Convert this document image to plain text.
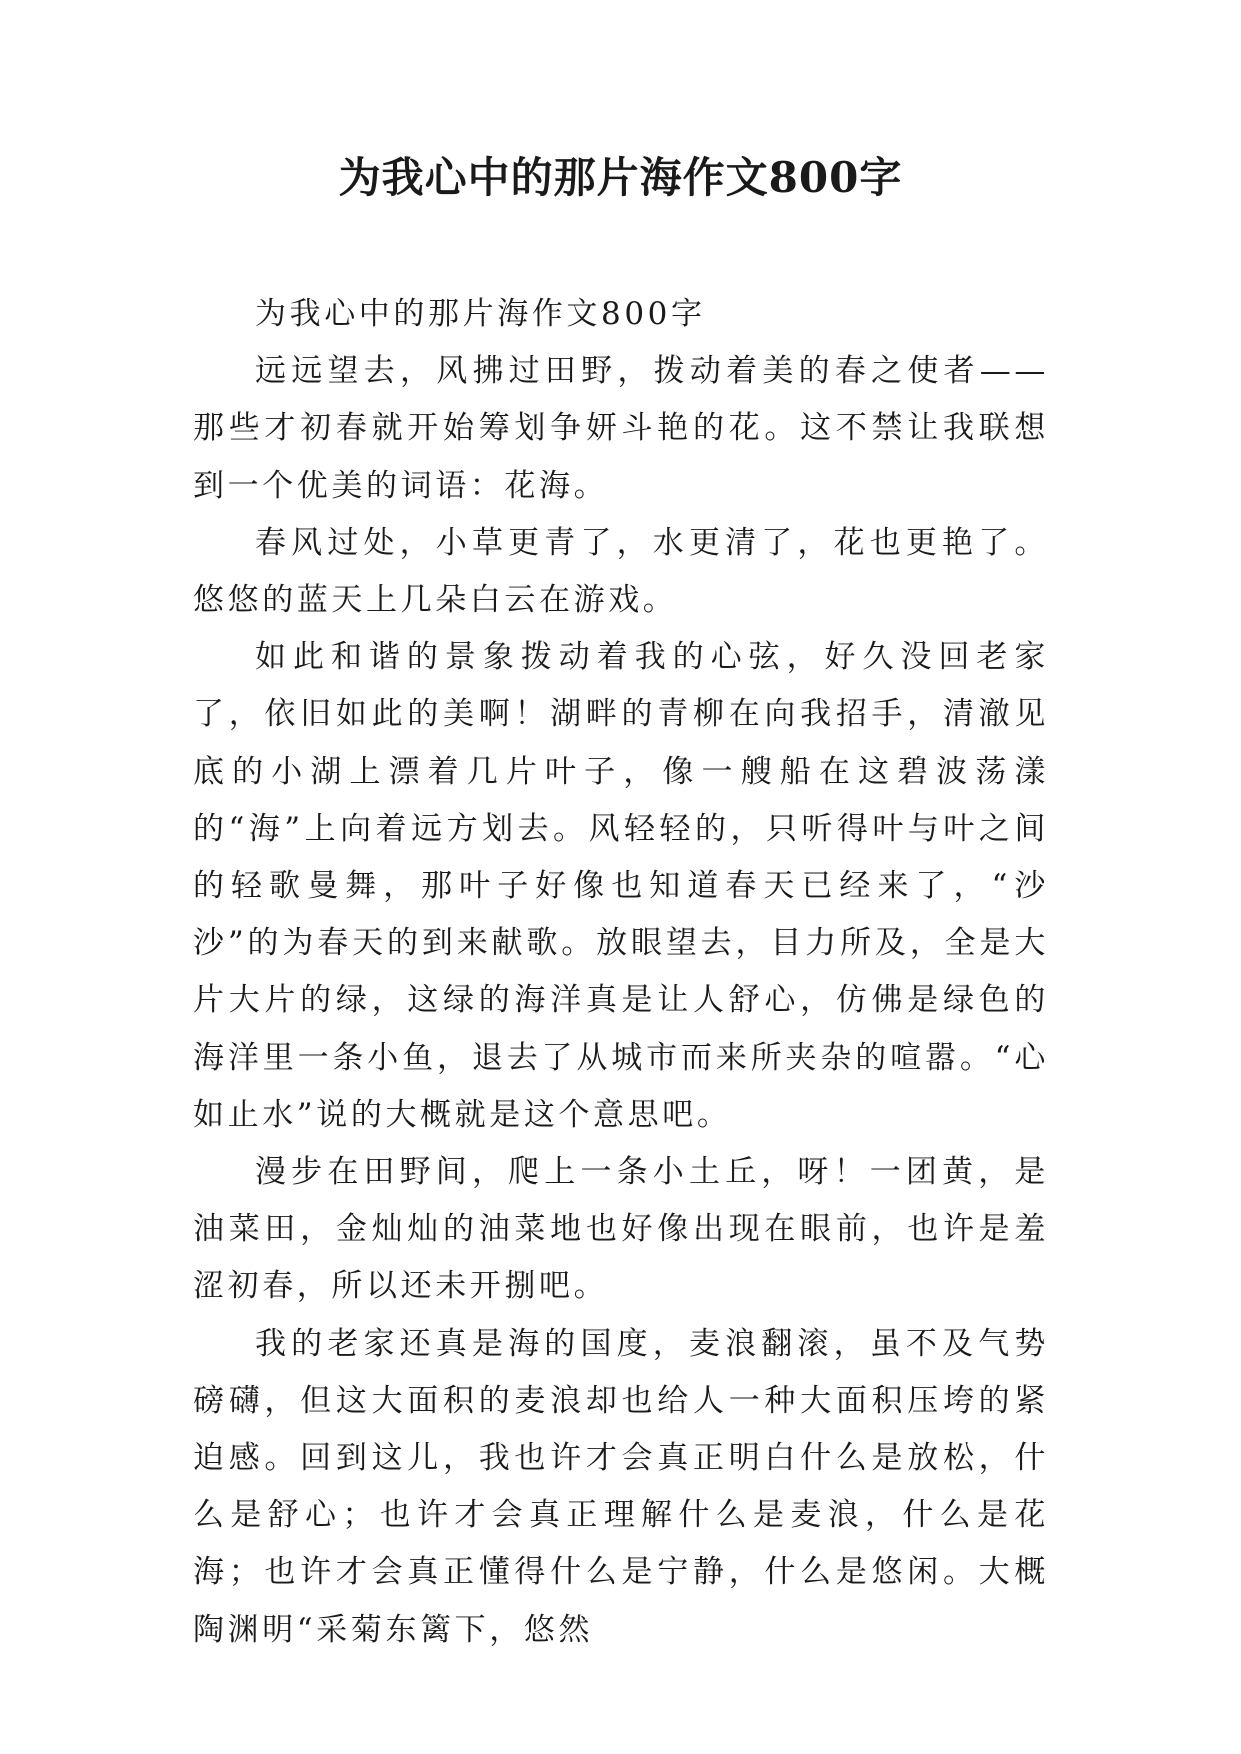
为我心中的那片海作文800字

为我心中的那片海作文800字

远远望去，风拂过田野，拨动着美的春之使者——那些才初春就开始筹划争妍斗艳的花。这不禁让我联想到一个优美的词语：花海。

春风过处，小草更青了，水更清了，花也更艳了。悠悠的蓝天上几朵白云在游戏。

如此和谐的景象拨动着我的心弦，好久没回老家了，依旧如此的美啊！湖畔的青柳在向我招手，清澈见底的小湖上漂着几片叶子，像一艘船在这碧波荡漾的“海”上向着远方划去。风轻轻的，只听得叶与叶之间的轻歌曼舞，那叶子好像也知道春天已经来了，“沙沙”的为春天的到来献歌。放眼望去，目力所及，全是大片大片的绿，这绿的海洋真是让人舒心，仿佛是绿色的海洋里一条小鱼，退去了从城市而来所夹杂的喧嚣。“心如止水”说的大概就是这个意思吧。

漫步在田野间，爬上一条小土丘，呀！一团黄，是油菜田，金灿灿的油菜地也好像出现在眼前，也许是羞涩初春，所以还未开捌吧。

我的老家还真是海的国度，麦浪翻滚，虽不及气势磅礴，但这大面积的麦浪却也给人一种大面积压垮的紧迫感。回到这儿，我也许才会真正明白什么是放松，什么是舒心；也许才会真正理解什么是麦浪，什么是花海；也许才会真正懂得什么是宁静，什么是悠闲。大概陶渊明“采菊东篱下，悠然
